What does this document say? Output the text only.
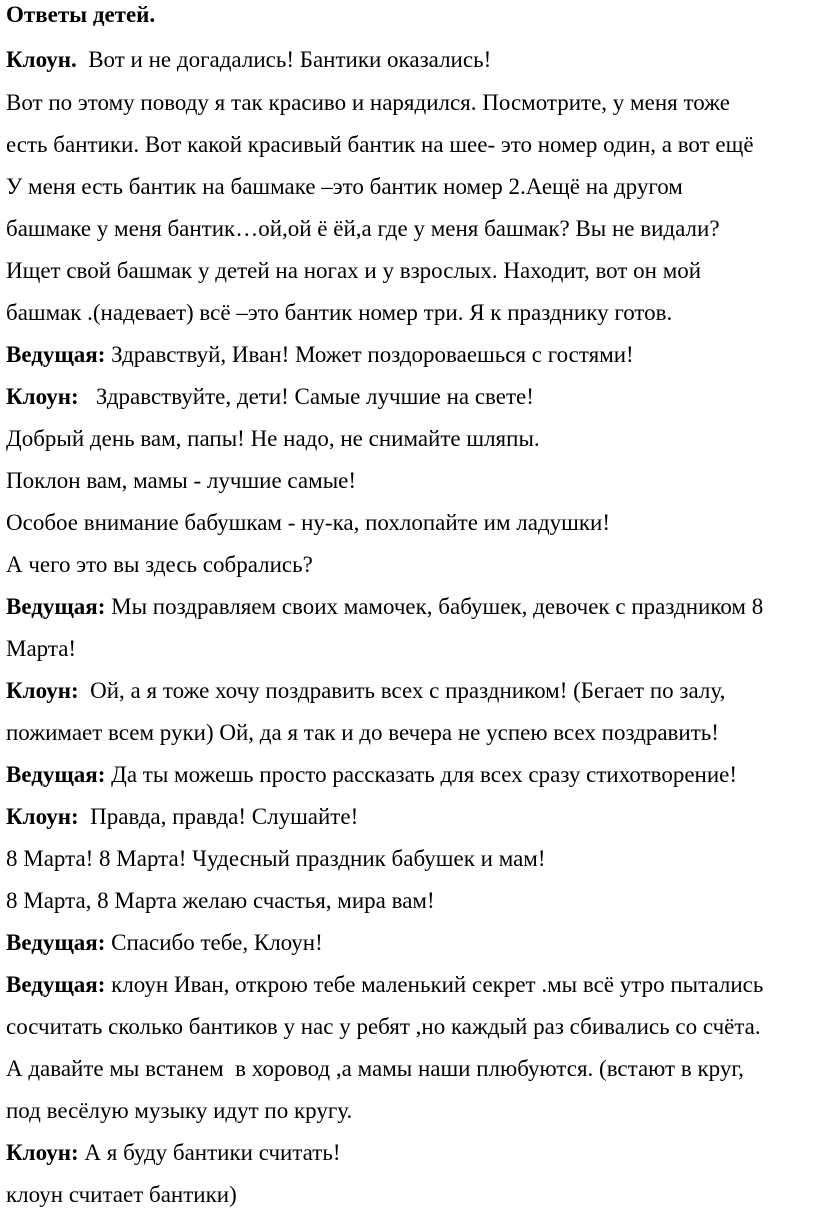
Ответы детей.
Клоун.  Вот и не догадались! Бантики оказались!
Вот по этому поводу я так красиво и нарядился. Посмотрите, у меня тоже
есть бантики. Вот какой красивый бантик на шее- это номер один, а вот ещё
У меня есть бантик на башмаке –это бантик номер 2.Аещё на другом
башмаке у меня бантик…ой,ой ё ёй,а где у меня башмак? Вы не видали?
Ищет свой башмак у детей на ногах и у взрослых. Находит, вот он мой
башмак .(надевает) всё –это бантик номер три. Я к празднику готов.
Ведущая: Здравствуй, Иван! Может поздороваешься с гостями!
Клоун:   Здравствуйте, дети! Самые лучшие на свете!
Добрый день вам, папы! Не надо, не снимайте шляпы.
Поклон вам, мамы - лучшие самые!
Особое внимание бабушкам - ну-ка, похлопайте им ладушки!
А чего это вы здесь собрались?
Ведущая: Мы поздравляем своих мамочек, бабушек, девочек с праздником 8
Марта!
Клоун:  Ой, а я тоже хочу поздравить всех с праздником! (Бегает по залу,
пожимает всем руки) Ой, да я так и до вечера не успею всех поздравить!
Ведущая: Да ты можешь просто рассказать для всех сразу стихотворение!
Клоун:  Правда, правда! Слушайте!
8 Марта! 8 Марта! Чудесный праздник бабушек и мам!
8 Марта, 8 Марта желаю счастья, мира вам!
Ведущая: Спасибо тебе, Клоун!
Ведущая: клоун Иван, открою тебе маленький секрет .мы всё утро пытались
сосчитать сколько бантиков у нас у ребят ,но каждый раз сбивались со счёта.
А давайте мы встанем  в хоровод ,а мамы наши плюбуются. (встают в круг,
под весёлую музыку идут по кругу.
Клоун: А я буду бантики считать!
клоун считает бантики)
